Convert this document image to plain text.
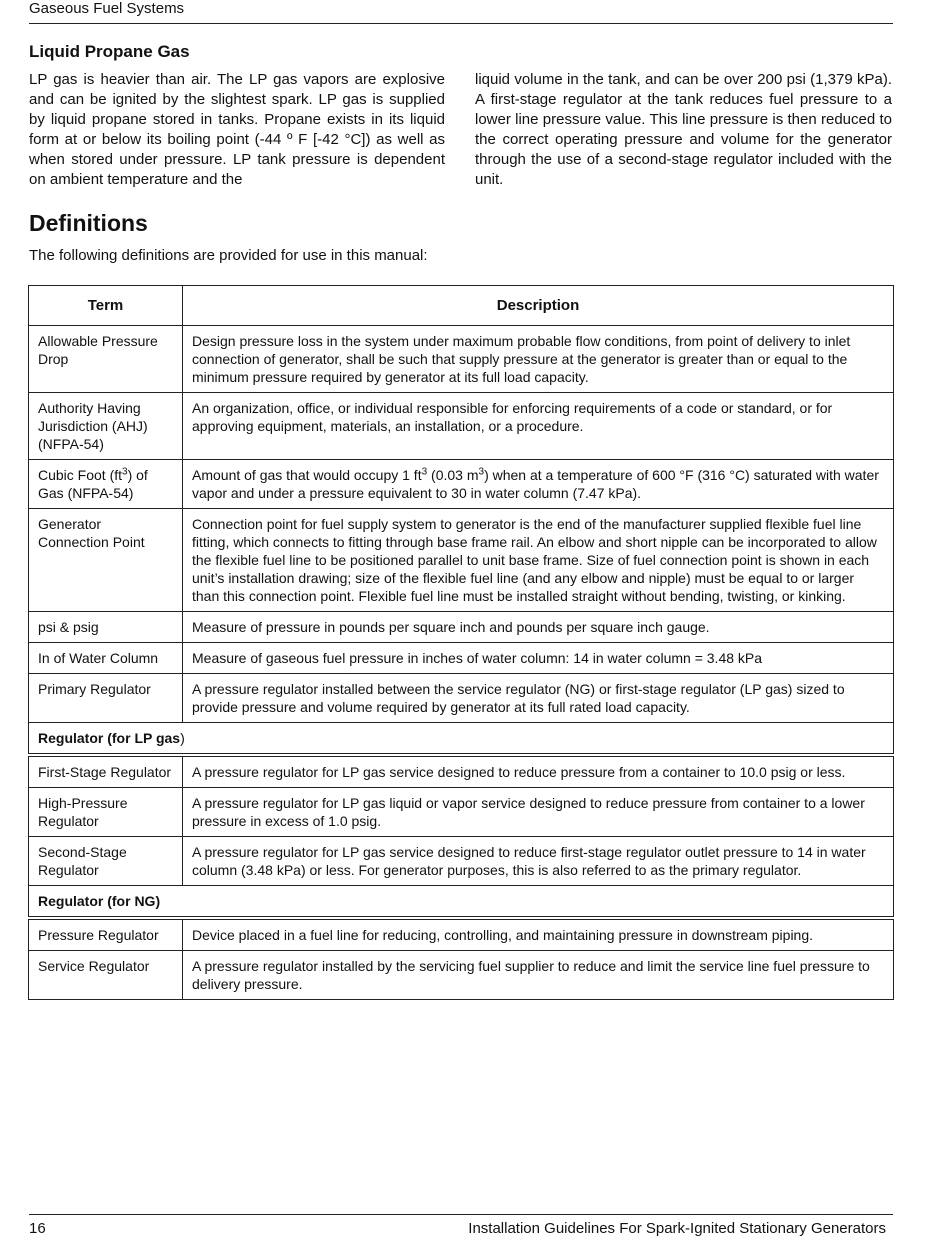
Gaseous Fuel Systems
Liquid Propane Gas

LP gas is heavier than air. The LP gas vapors are explosive and can be ignited by the slightest spark. LP gas is supplied by liquid propane stored in tanks. Propane exists in its liquid form at or below its boiling point (-44 º F [-42 °C]) as well as when stored under pressure. LP tank pressure is dependent on ambient temperature and the

liquid volume in the tank, and can be over 200 psi (1,379 kPa). A first-stage regulator at the tank reduces fuel pressure to a lower line pressure value. This line pressure is then reduced to the correct operating pressure and volume for the generator through the use of a second-stage regulator included with the unit.

Definitions

The following definitions are provided for use in this manual:

Term	Description
Allowable Pressure Drop	Design pressure loss in the system under maximum probable flow conditions, from point of delivery to inlet connection of generator, shall be such that supply pressure at the generator is greater than or equal to the minimum pressure required by generator at its full load capacity.
Authority Having Jurisdiction (AHJ) (NFPA-54)	An organization, office, or individual responsible for enforcing requirements of a code or standard, or for approving equipment, materials, an installation, or a procedure.
Cubic Foot $(ft^3)$ of Gas (NFPA-54)	Amount of gas that would occupy 1 $ft^3$ (0.03 $m^3$) when at a temperature of 600 °F (316 °C) saturated with water vapor and under a pressure equivalent to 30 in water column (7.47 kPa).
Generator Connection Point	Connection point for fuel supply system to generator is the end of the manufacturer supplied flexible fuel line fitting, which connects to fitting through base frame rail. An elbow and short nipple can be incorporated to allow the flexible fuel line to be positioned parallel to unit base frame. Size of fuel connection point is shown in each unit’s installation drawing; size of the flexible fuel line (and any elbow and nipple) must be equal to or larger than this connection point. Flexible fuel line must be installed straight without bending, twisting, or kinking.
psi & psig	Measure of pressure in pounds per square inch and pounds per square inch gauge.
In of Water Column	Measure of gaseous fuel pressure in inches of water column: 14 in water column = 3.48 kPa
Primary Regulator	A pressure regulator installed between the service regulator (NG) or first-stage regulator (LP gas) sized to provide pressure and volume required by generator at its full rated load capacity.
Regulator (for LP gas)	
First-Stage Regulator	A pressure regulator for LP gas service designed to reduce pressure from a container to 10.0 psig or less.
High-Pressure Regulator	A pressure regulator for LP gas liquid or vapor service designed to reduce pressure from container to a lower pressure in excess of 1.0 psig.
Second-Stage Regulator	A pressure regulator for LP gas service designed to reduce first-stage regulator outlet pressure to 14 in water column (3.48 kPa) or less. For generator purposes, this is also referred to as the primary regulator.
Regulator (for NG)	
Pressure Regulator	Device placed in a fuel line for reducing, controlling, and maintaining pressure in downstream piping.
Service Regulator	A pressure regulator installed by the servicing fuel supplier to reduce and limit the service line fuel pressure to delivery pressure.
16	Installation Guidelines For Spark-Ignited Stationary Generators
